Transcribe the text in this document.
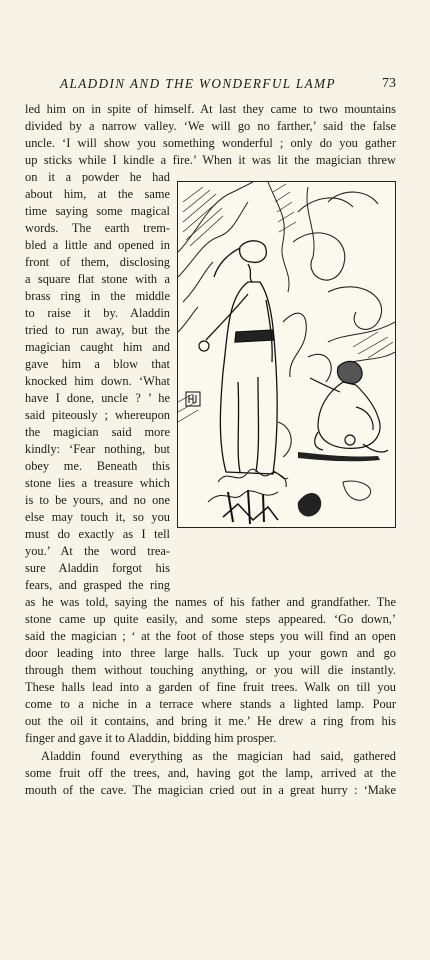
ALADDIN AND THE WONDERFUL LAMP	73
led him on in spite of himself. At last they came to two mountains
divided by a narrow valley. ‘We will go no farther,’ said the false
uncle. ‘I will show you something wonderful ; only do you gather
up sticks while I kindle a fire.’ When it was lit the magician threw
on it a powder he had
about him, at the same
time saying some magical
words. The earth trem-
bled a little and opened in
front of them, disclosing
a square flat stone with a
brass ring in the middle
to raise it by. Aladdin
tried to run away, but the
magician caught him and
gave him a blow that
knocked him down. ‘What
have I done, uncle ? ’ he
said piteously ; whereupon
the magician said more
kindly: ‘Fear nothing, but
obey me. Beneath this
stone lies a treasure which
is to be yours, and no one
else may touch it, so you
must do exactly as I tell
you.’ At the word trea-
sure Aladdin forgot his
fears, and grasped the ring
as he was told, saying the names of his father and grandfather. The
stone came up quite easily, and some steps appeared. ‘Go down,’
said the magician ; ‘ at the foot of those steps you will find an open
door leading into three large halls. Tuck up your gown and go
through them without touching anything, or you will die instantly.
These halls lead into a garden of fine fruit trees. Walk on till you
come to a niche in a terrace where stands a lighted lamp. Pour
out the oil it contains, and bring it me.’ He drew a ring from his
finger and gave it to Aladdin, bidding him prosper.
Aladdin found everything as the magician had said, gathered
some fruit off the trees, and, having got the lamp, arrived at the
mouth of the cave. The magician cried out in a great hurry : ‘Make
